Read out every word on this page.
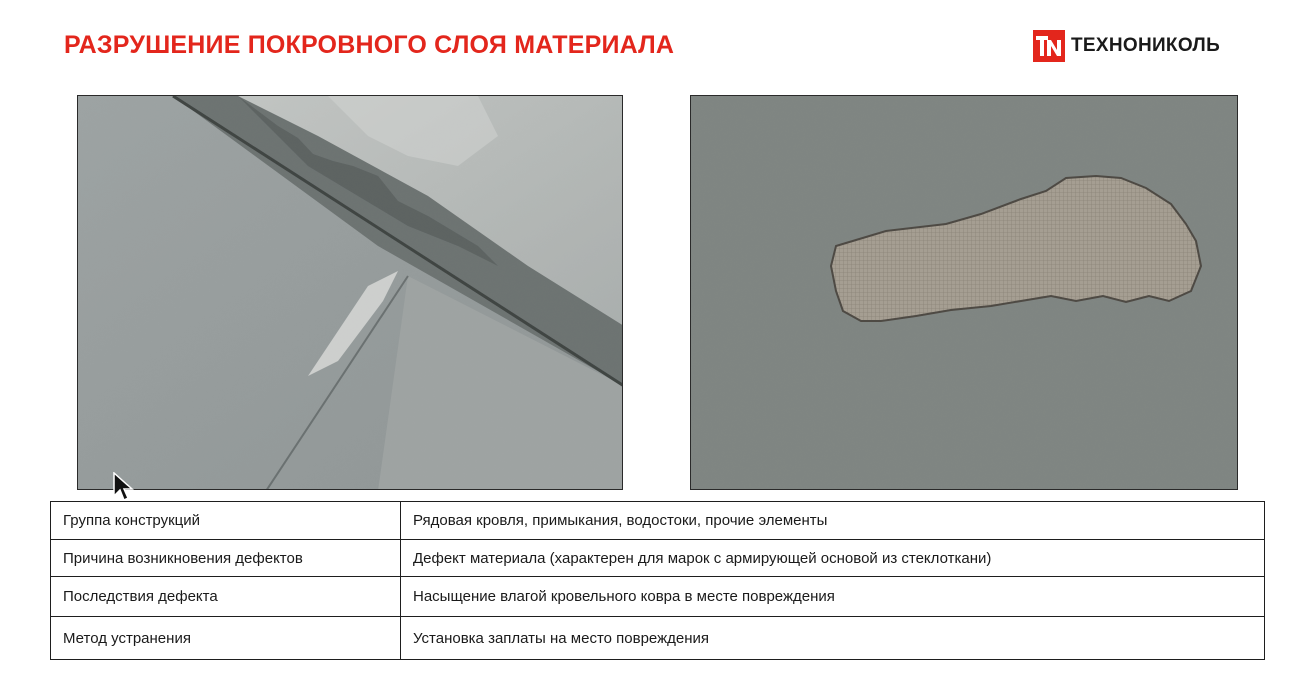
РАЗРУШЕНИЕ ПОКРОВНОГО СЛОЯ МАТЕРИАЛА	ТЕХНОНИКОЛЬ
Группа конструкций	Рядовая кровля, примыкания, водостоки, прочие элементы
Причина возникновения дефектов	Дефект материала (характерен для марок с армирующей основой из стеклоткани)
Последствия дефекта	Насыщение влагой кровельного ковра в месте повреждения
Метод устранения	Установка заплаты на место повреждения
